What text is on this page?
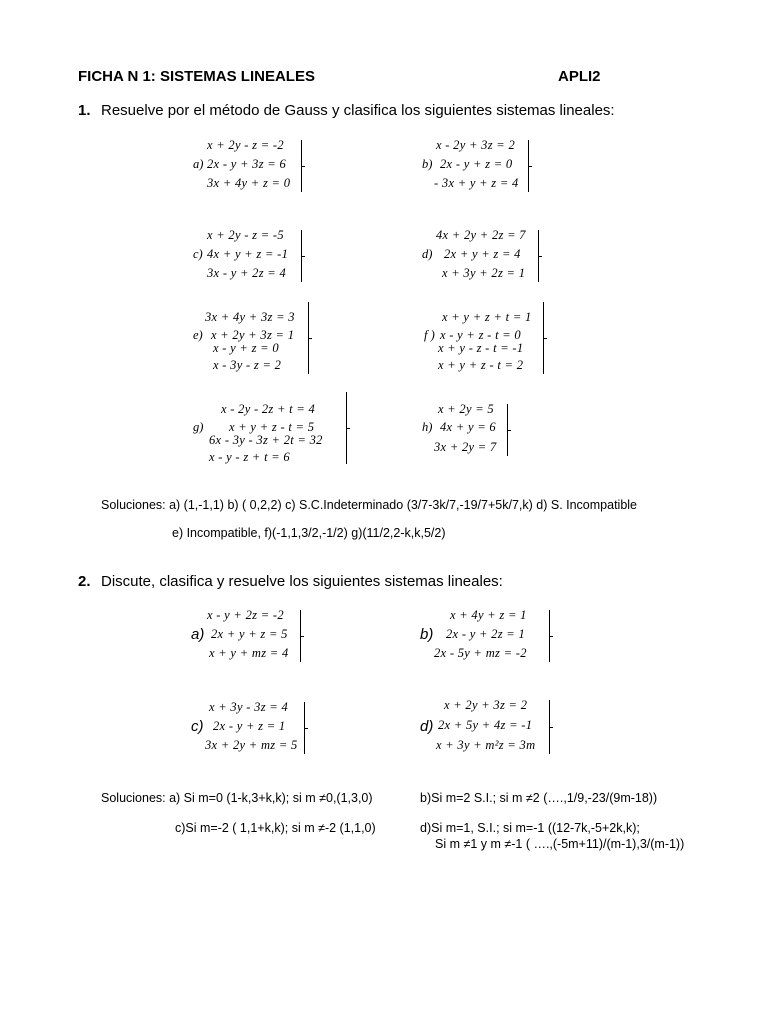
FICHA N 1: SISTEMAS LINEALES	APLI2
1. Resuelve por el método de Gauss y clasifica los siguientes sistemas lineales:
x + 2y - z = -2
a) 2x - y + 3z = 6
3x + 4y + z = 0
x - 2y + 3z = 2
b) 2x - y + z = 0
- 3x + y + z = 4
x + 2y - z = -5
c) 4x + y + z = -1
3x - y + 2z = 4
4x + 2y + 2z = 7
d) 2x + y + z = 4
x + 3y + 2z = 1
3x + 4y + 3z = 3
e) x + 2y + 3z = 1
x - y + z = 0
x - 3y - z = 2
x + y + z + t = 1
f ) x - y + z - t = 0
x + y - z - t = -1
x + y + z - t = 2
x - 2y - 2z + t = 4
g) x + y + z - t = 5
6x - 3y - 3z + 2t = 32
x - y - z + t = 6
x + 2y = 5
h) 4x + y = 6
3x + 2y = 7
Soluciones: a) (1,-1,1) b) ( 0,2,2) c) S.C.Indeterminado (3/7-3k/7,-19/7+5k/7,k) d) S. Incompatible
e) Incompatible, f)(-1,1,3/2,-1/2) g)(11/2,2-k,k,5/2)
2. Discute, clasifica y resuelve los siguientes sistemas lineales:
x - y + 2z = -2
a) 2x + y + z = 5
x + y + mz = 4
x + 4y + z = 1
b) 2x - y + 2z = 1
2x - 5y + mz = -2
x + 3y - 3z = 4
c) 2x - y + z = 1
3x + 2y + mz = 5
x + 2y + 3z = 2
d) 2x + 5y + 4z = -1
x + 3y + m²z = 3m
Soluciones: a) Si m=0 (1-k,3+k,k); si m ≠0,(1,3,0)	b)Si m=2 S.I.; si m ≠2 (….,1/9,-23/(9m-18))
c)Si m=-2 ( 1,1+k,k); si m ≠-2 (1,1,0)	d)Si m=1, S.I.; si m=-1 ((12-7k,-5+2k,k);
Si m ≠1 y m ≠-1 ( ….,(-5m+11)/(m-1),3/(m-1))
